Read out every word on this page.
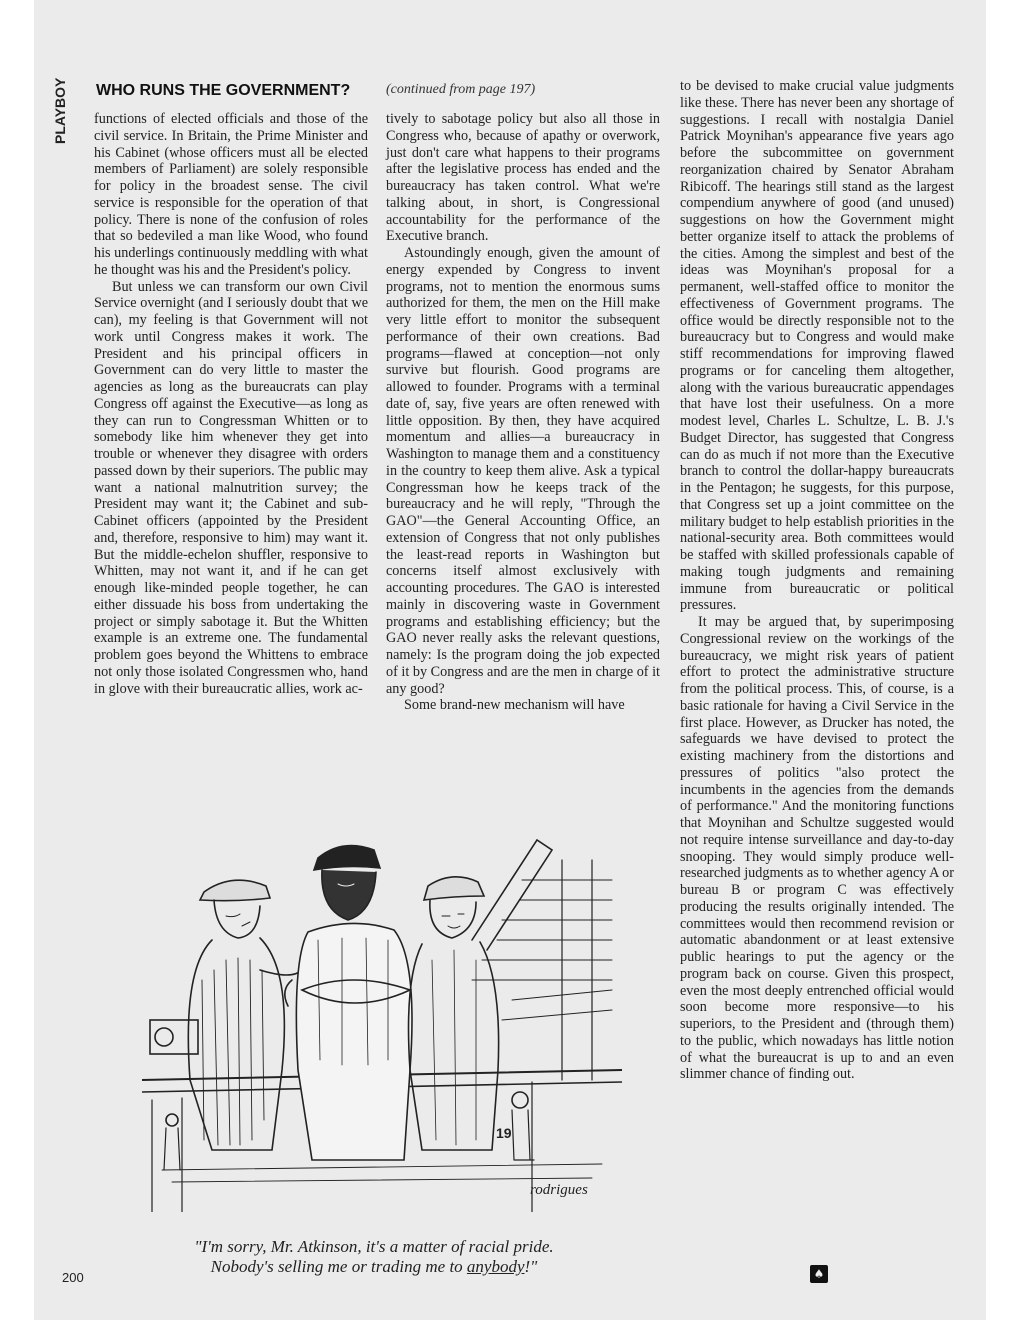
PLAYBOY	WHO RUNS THE GOVERNMENT?	(continued from page 197)

functions of elected officials and those of the civil service. In Britain, the Prime Minister and his Cabinet (whose officers must all be elected members of Parliament) are solely responsible for policy in the broadest sense. The civil service is responsible for the operation of that policy. There is none of the confusion of roles that so bedeviled a man like Wood, who found his underlings continuously meddling with what he thought was his and the President's policy.

But unless we can transform our own Civil Service overnight (and I seriously doubt that we can), my feeling is that Government will not work until Congress makes it work. The President and his principal officers in Government can do very little to master the agencies as long as the bureaucrats can play Congress off against the Executive—as long as they can run to Congressman Whitten or to somebody like him whenever they get into trouble or whenever they disagree with orders passed down by their superiors. The public may want a national malnutrition survey; the President may want it; the Cabinet and sub-Cabinet officers (appointed by the President and, therefore, responsive to him) may want it. But the middle-echelon shuffler, responsive to Whitten, may not want it, and if he can get enough like-minded people together, he can either dissuade his boss from undertaking the project or simply sabotage it. But the Whitten example is an extreme one. The fundamental problem goes beyond the Whittens to embrace not only those isolated Congressmen who, hand in glove with their bureaucratic allies, work ac-

tively to sabotage policy but also all those in Congress who, because of apathy or overwork, just don't care what happens to their programs after the legislative process has ended and the bureaucracy has taken control. What we're talking about, in short, is Congressional accountability for the performance of the Executive branch.

Astoundingly enough, given the amount of energy expended by Congress to invent programs, not to mention the enormous sums authorized for them, the men on the Hill make very little effort to monitor the subsequent performance of their own creations. Bad programs—flawed at conception—not only survive but flourish. Good programs are allowed to founder. Programs with a terminal date of, say, five years are often renewed with little opposition. By then, they have acquired momentum and allies—a bureaucracy in Washington to manage them and a constituency in the country to keep them alive. Ask a typical Congressman how he keeps track of the bureaucracy and he will reply, "Through the GAO"—the General Accounting Office, an extension of Congress that not only publishes the least-read reports in Washington but concerns itself almost exclusively with accounting procedures. The GAO is interested mainly in discovering waste in Government programs and establishing efficiency; but the GAO never really asks the relevant questions, namely: Is the program doing the job expected of it by Congress and are the men in charge of it any good?

Some brand-new mechanism will have

to be devised to make crucial value judgments like these. There has never been any shortage of suggestions. I recall with nostalgia Daniel Patrick Moynihan's appearance five years ago before the subcommittee on government reorganization chaired by Senator Abraham Ribicoff. The hearings still stand as the largest compendium anywhere of good (and unused) suggestions on how the Government might better organize itself to attack the problems of the cities. Among the simplest and best of the ideas was Moynihan's proposal for a permanent, well-staffed office to monitor the effectiveness of Government programs. The office would be directly responsible not to the bureaucracy but to Congress and would make stiff recommendations for improving flawed programs or for canceling them altogether, along with the various bureaucratic appendages that have lost their usefulness. On a more modest level, Charles L. Schultze, L. B. J.'s Budget Director, has suggested that Congress can do as much if not more than the Executive branch to control the dollar-happy bureaucrats in the Pentagon; he suggests, for this purpose, that Congress set up a joint committee on the military budget to help establish priorities in the national-security area. Both committees would be staffed with skilled professionals capable of making tough judgments and remaining immune from bureaucratic or political pressures.

It may be argued that, by superimposing Congressional review on the workings of the bureaucracy, we might risk years of patient effort to protect the administrative structure from the political process. This, of course, is a basic rationale for having a Civil Service in the first place. However, as Drucker has noted, the safeguards we have devised to protect the existing machinery from the distortions and pressures of politics "also protect the incumbents in the agencies from the demands of performance." And the monitoring functions that Moynihan and Schultze suggested would not require intense surveillance and day-to-day snooping. They would simply produce well-researched judgments as to whether agency A or bureau B or program C was effectively producing the results originally intended. The committees would then recommend revision or automatic abandonment or at least extensive public hearings to put the agency or the program back on course. Given this prospect, even the most deeply entrenched official would soon become more responsive—to his superiors, to the President and (through them) to the public, which nowadays has little notion of what the bureaucrat is up to and an even slimmer chance of finding out.

19
rodrigues
"I'm sorry, Mr. Atkinson, it's a matter of racial pride.
Nobody's selling me or trading me to anybody!"
200	♠
